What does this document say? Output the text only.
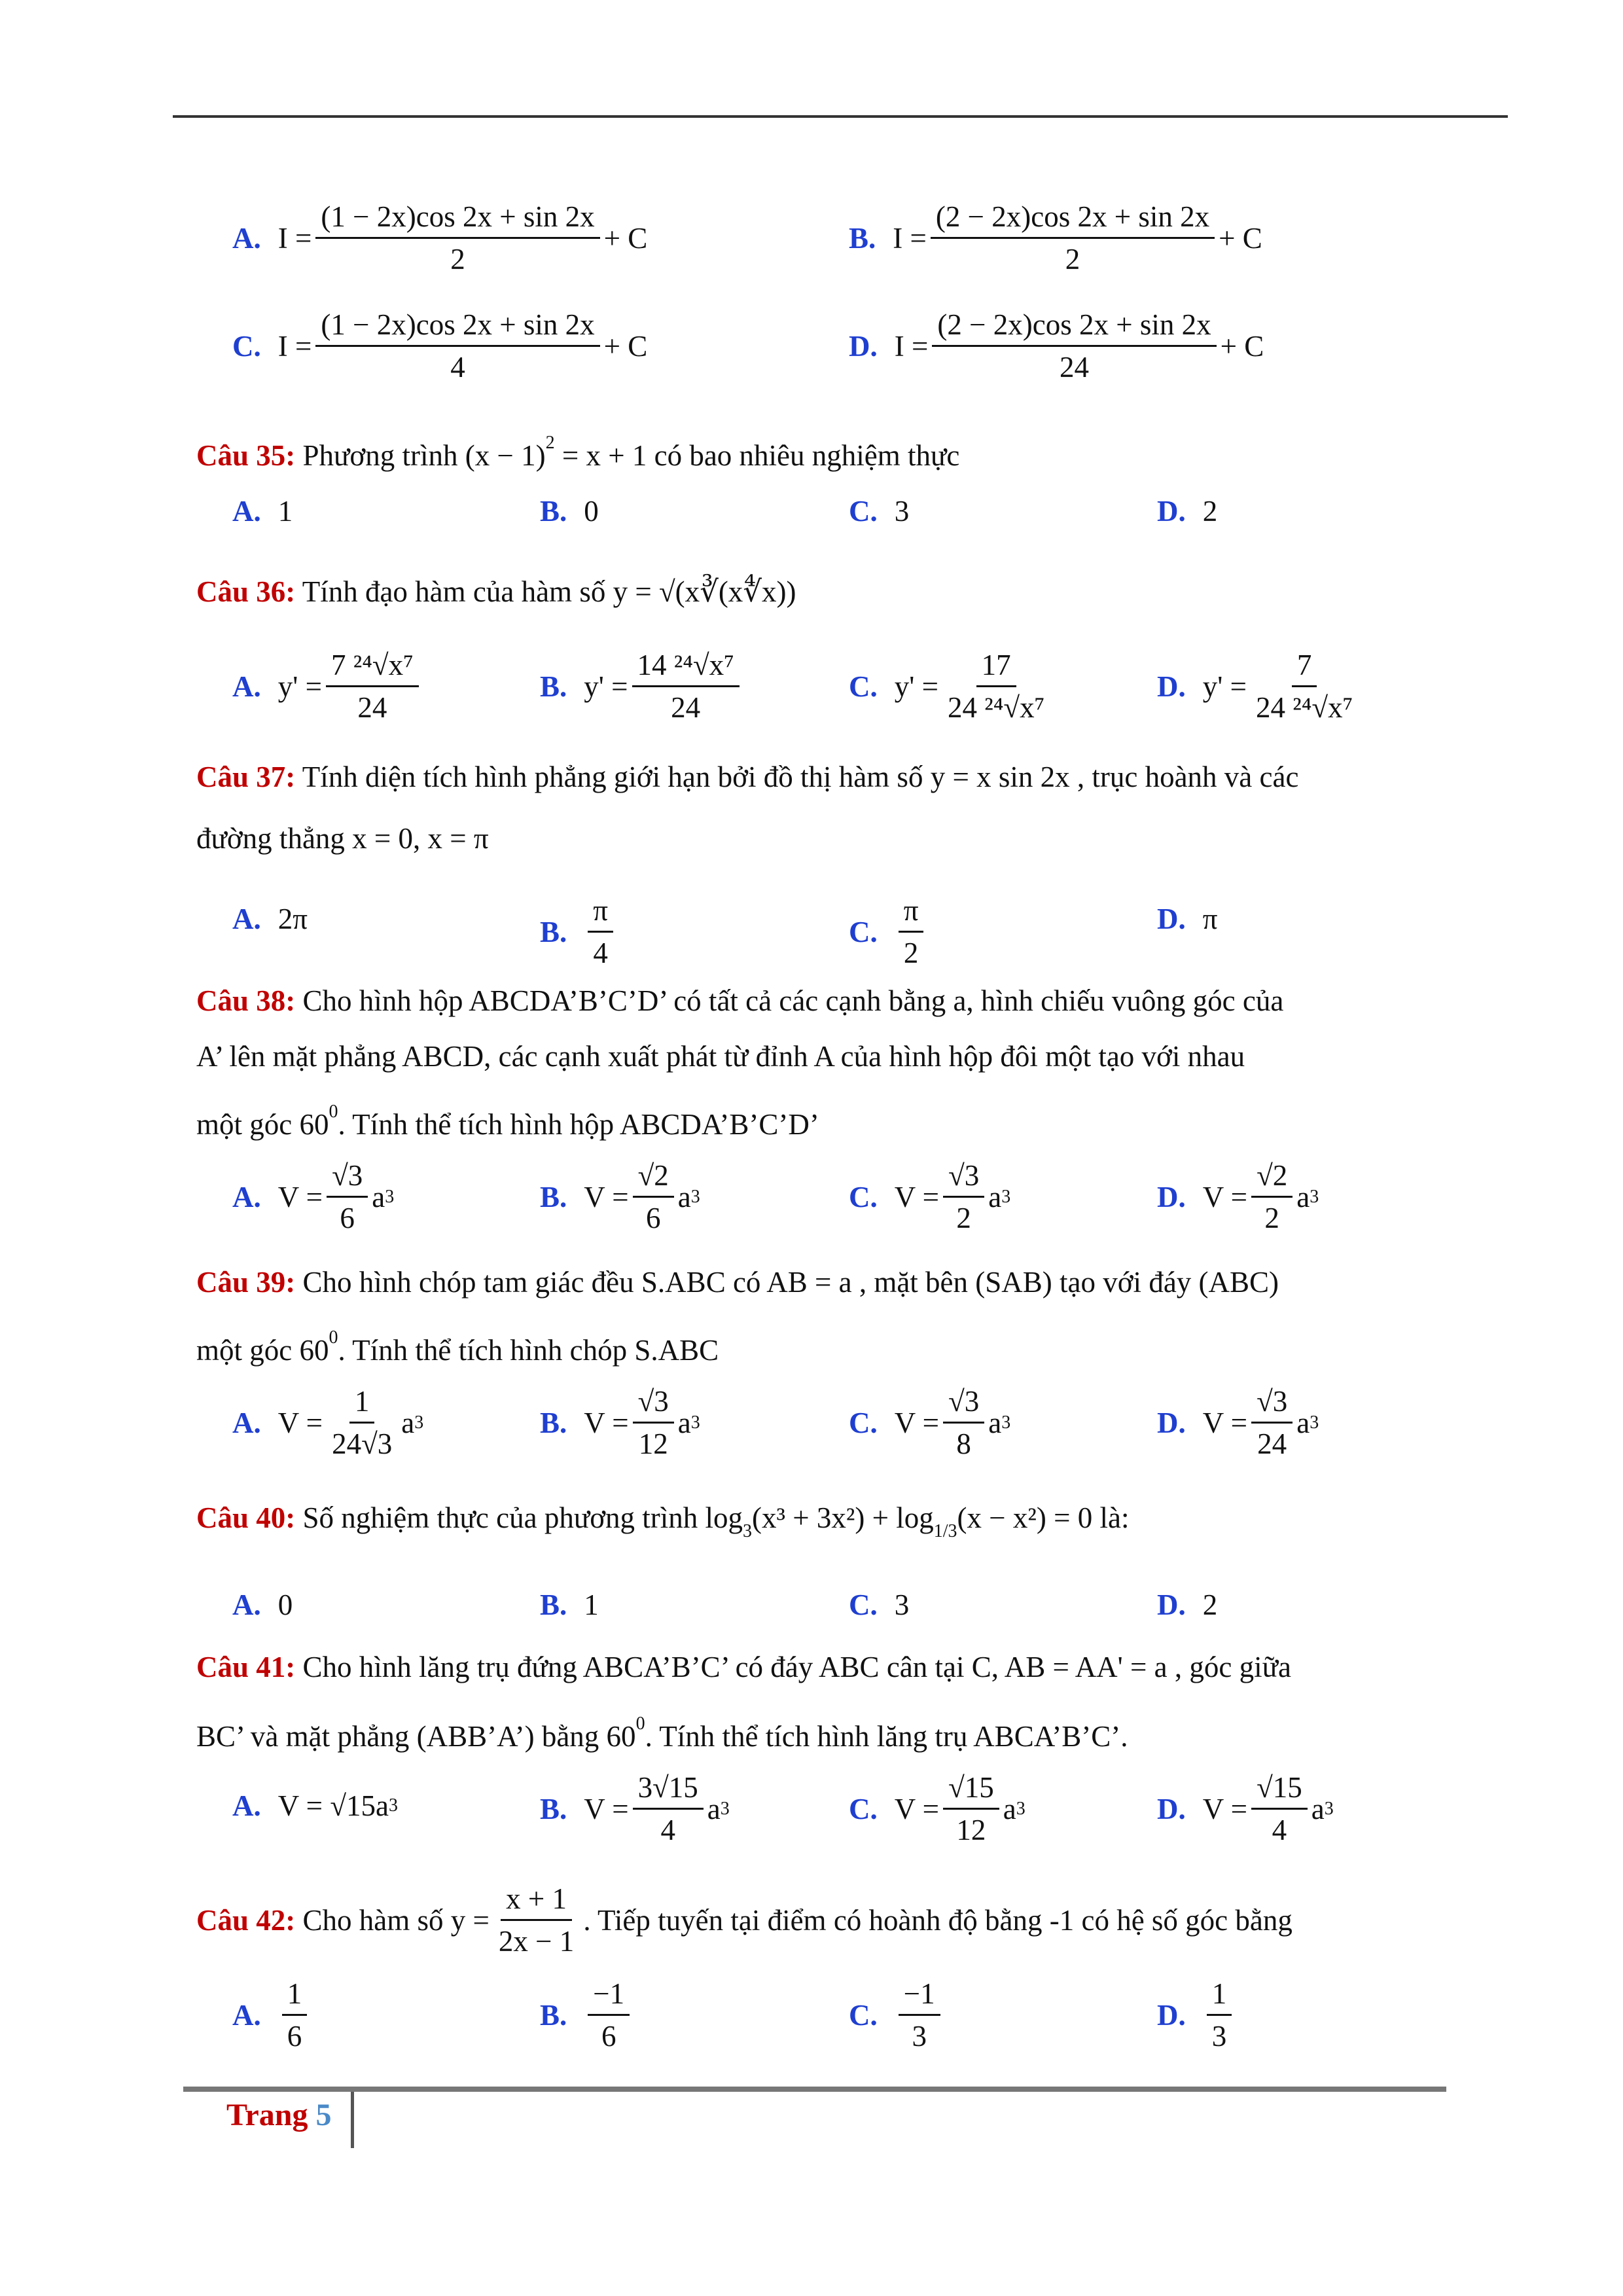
A. $I = \frac{(1 - 2x)\cos 2x + \sin 2x}{2} + C$	B. $I = \frac{(2 - 2x)\cos 2x + \sin 2x}{2} + C$
C. $I = \frac{(1 - 2x)\cos 2x + \sin 2x}{4} + C$	D. $I = \frac{(2 - 2x)\cos 2x + \sin 2x}{24} + C$
Câu 35: Phương trình $(x - 1)^2 = x + 1$ có bao nhiêu nghiệm thực
A. 1	B. 0	C. 3	D. 2
Câu 36: Tính đạo hàm của hàm số y = √(x∛(x∜x))
A. $y' = \frac{\text{7 ²⁴√x⁷}}{24}$	B. $y' = \frac{\text{14 ²⁴√x⁷}}{24}$	C. $y' = \frac{17}{\text{24 ²⁴√x⁷}}$	D. $y' = \frac{7}{\text{24 ²⁴√x⁷}}$
Câu 37: Tính diện tích hình phẳng giới hạn bởi đồ thị hàm số y = x sin 2x , trục hoành và các
đường thẳng x = 0, x = π
A. 2π	B. $\frac{\pi}{4}$	C. $\frac{\pi}{2}$	D. π
Câu 38: Cho hình hộp ABCDA’B’C’D’ có tất cả các cạnh bằng a, hình chiếu vuông góc của
A’ lên mặt phẳng ABCD, các cạnh xuất phát từ đỉnh A của hình hộp đôi một tạo với nhau
một góc $60^0$. Tính thể tích hình hộp ABCDA’B’C’D’
A. $V = \frac{√3}{6}$ a 3	B. $V = \frac{√2}{6}$ a 3	C. $V = \frac{√3}{2}$ a 3	D. $V = \frac{√2}{2}$ a 3
Câu 39: Cho hình chóp tam giác đều S.ABC có AB = a , mặt bên (SAB) tạo với đáy (ABC)
một góc $60^0$. Tính thể tích hình chóp S.ABC
A. $V = \frac{1}{24√3}$ a 3	B. $V = \frac{√3}{12}$ a 3	C. $V = \frac{√3}{8}$ a 3	D. $V = \frac{√3}{24}$ a 3
Câu 40: Số nghiệm thực của phương trình $\log_3(x^3 + 3x^2) + \log_{1/3}(x - x^2) = 0$ là:
A. 0	B. 1	C. 3	D. 2
Câu 41: Cho hình lăng trụ đứng ABCA’B’C’ có đáy ABC cân tại C, AB = AA' = a , góc giữa
BC’ và mặt phẳng (ABB’A’) bằng $60^0$. Tính thể tích hình lăng trụ ABCA’B’C’.
A. V = √15a 3	B. $V = \frac{3√15}{4}$ a 3	C. $V = \frac{√15}{12}$ a 3	D. $V = \frac{√15}{4}$ a 3
Câu 42: Cho hàm số $y = \frac{x + 1}{2x - 1}$ . Tiếp tuyến tại điểm có hoành độ bằng -1 có hệ số góc bằng
A. $\frac{1}{6}$	B. $\frac{-1}{6}$	C. $\frac{-1}{3}$	D. $\frac{1}{3}$
Trang 5
